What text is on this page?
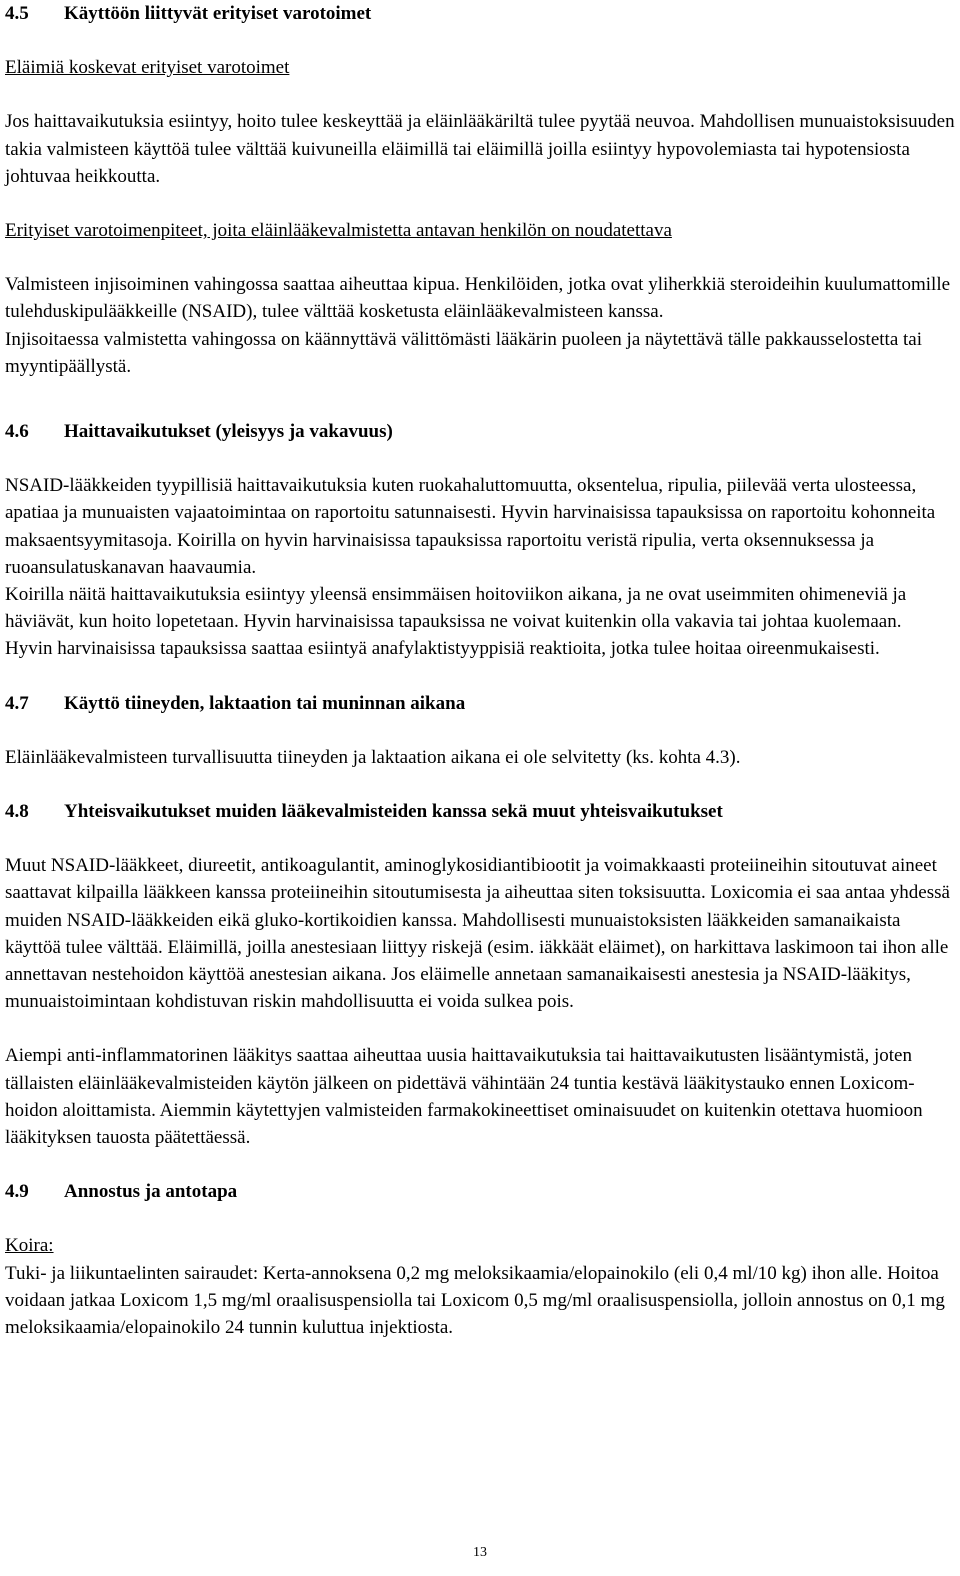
4.5 Käyttöön liittyvät erityiset varotoimet

Eläimiä koskevat erityiset varotoimet

Jos haittavaikutuksia esiintyy, hoito tulee keskeyttää ja eläinlääkäriltä tulee pyytää neuvoa. Mahdollisen munuaistoksisuuden takia valmisteen käyttöä tulee välttää kuivuneilla eläimillä tai eläimillä joilla esiintyy hypovolemiasta tai hypotensiosta johtuvaa heikkoutta.

Erityiset varotoimenpiteet, joita eläinlääkevalmistetta antavan henkilön on noudatettava

Valmisteen injisoiminen vahingossa saattaa aiheuttaa kipua. Henkilöiden, jotka ovat yliherkkiä steroideihin kuulumattomille tulehduskipulääkkeille (NSAID), tulee välttää kosketusta eläinlääkevalmisteen kanssa.

Injisoitaessa valmistetta vahingossa on käännyttävä välittömästi lääkärin puoleen ja näytettävä tälle pakkausselostetta tai myyntipäällystä.

4.6 Haittavaikutukset (yleisyys ja vakavuus)

NSAID-lääkkeiden tyypillisiä haittavaikutuksia kuten ruokahaluttomuutta, oksentelua, ripulia, piilevää verta ulosteessa, apatiaa ja munuaisten vajaatoimintaa on raportoitu satunnaisesti. Hyvin harvinaisissa tapauksissa on raportoitu kohonneita maksaentsyymitasoja. Koirilla on hyvin harvinaisissa tapauksissa raportoitu veristä ripulia, verta oksennuksessa ja ruoansulatuskanavan haavaumia.

Koirilla näitä haittavaikutuksia esiintyy yleensä ensimmäisen hoitoviikon aikana, ja ne ovat useimmiten ohimeneviä ja häviävät, kun hoito lopetetaan. Hyvin harvinaisissa tapauksissa ne voivat kuitenkin olla vakavia tai johtaa kuolemaan.

Hyvin harvinaisissa tapauksissa saattaa esiintyä anafylaktistyyppisiä reaktioita, jotka tulee hoitaa oireenmukaisesti.

4.7 Käyttö tiineyden, laktaation tai muninnan aikana

Eläinlääkevalmisteen turvallisuutta tiineyden ja laktaation aikana ei ole selvitetty (ks. kohta 4.3).

4.8 Yhteisvaikutukset muiden lääkevalmisteiden kanssa sekä muut yhteisvaikutukset

Muut NSAID-lääkkeet, diureetit, antikoagulantit, aminoglykosidiantibiootit ja voimakkaasti proteiineihin sitoutuvat aineet saattavat kilpailla lääkkeen kanssa proteiineihin sitoutumisesta ja aiheuttaa siten toksisuutta. Loxicomia ei saa antaa yhdessä muiden NSAID-lääkkeiden eikä gluko-kortikoidien kanssa. Mahdollisesti munuaistoksisten lääkkeiden samanaikaista käyttöä tulee välttää. Eläimillä, joilla anestesiaan liittyy riskejä (esim. iäkkäät eläimet), on harkittava laskimoon tai ihon alle annettavan nestehoidon käyttöä anestesian aikana. Jos eläimelle annetaan samanaikaisesti anestesia ja NSAID-lääkitys, munuaistoimintaan kohdistuvan riskin mahdollisuutta ei voida sulkea pois.

Aiempi anti-inflammatorinen lääkitys saattaa aiheuttaa uusia haittavaikutuksia tai haittavaikutusten lisääntymistä, joten tällaisten eläinlääkevalmisteiden käytön jälkeen on pidettävä vähintään 24 tuntia kestävä lääkitystauko ennen Loxicom-hoidon aloittamista. Aiemmin käytettyjen valmisteiden farmakokineettiset ominaisuudet on kuitenkin otettava huomioon lääkityksen tauosta päätettäessä.

4.9 Annostus ja antotapa

Koira:

Tuki- ja liikuntaelinten sairaudet: Kerta-annoksena 0,2 mg meloksikaamia/elopainokilo (eli 0,4 ml/10 kg) ihon alle. Hoitoa voidaan jatkaa Loxicom 1,5 mg/ml oraalisuspensiolla tai Loxicom 0,5 mg/ml oraalisuspensiolla, jolloin annostus on 0,1 mg meloksikaamia/elopainokilo 24 tunnin kuluttua injektiosta.

13
